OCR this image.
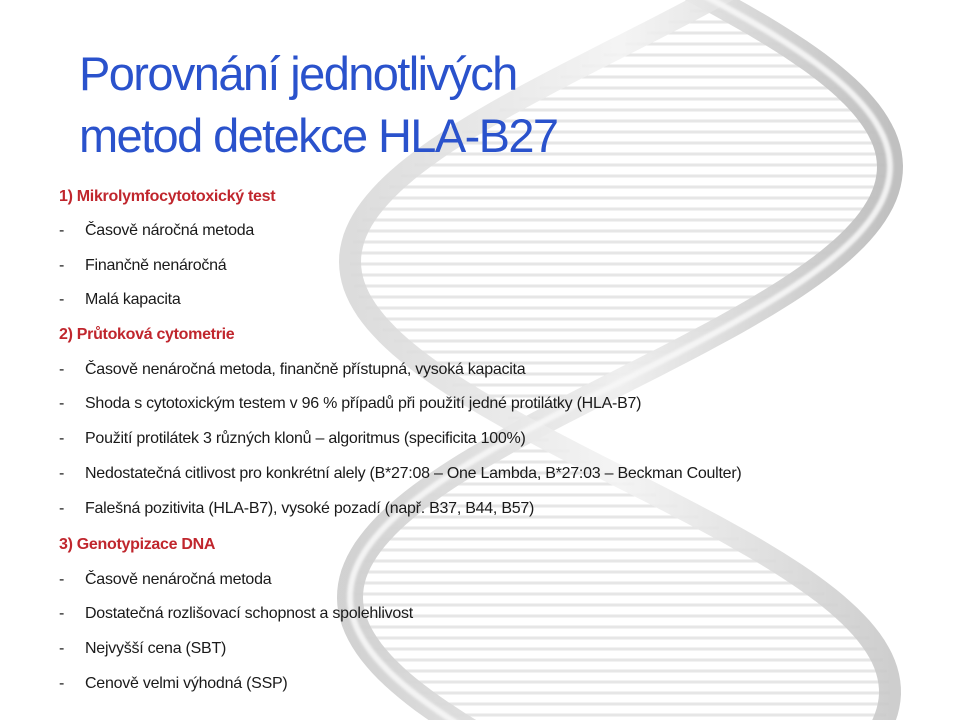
Porovnání jednotlivých
metod detekce HLA-B27
1) Mikrolymfocytotoxický test
- Časově náročná metoda
- Finančně nenáročná
- Malá kapacita
2) Průtoková cytometrie
- Časově nenáročná metoda, finančně přístupná, vysoká kapacita
- Shoda s cytotoxickým testem v 96 % případů při použití jedné protilátky (HLA-B7)
- Použití protilátek 3 různých klonů – algoritmus (specificita 100%)
- Nedostatečná citlivost pro konkrétní alely (B*27:08 – One Lambda, B*27:03 – Beckman Coulter)
- Falešná pozitivita (HLA-B7), vysoké pozadí (např. B37, B44, B57)
3) Genotypizace DNA
- Časově nenáročná metoda
- Dostatečná rozlišovací schopnost a spolehlivost
- Nejvyšší cena (SBT)
- Cenově velmi výhodná (SSP)
